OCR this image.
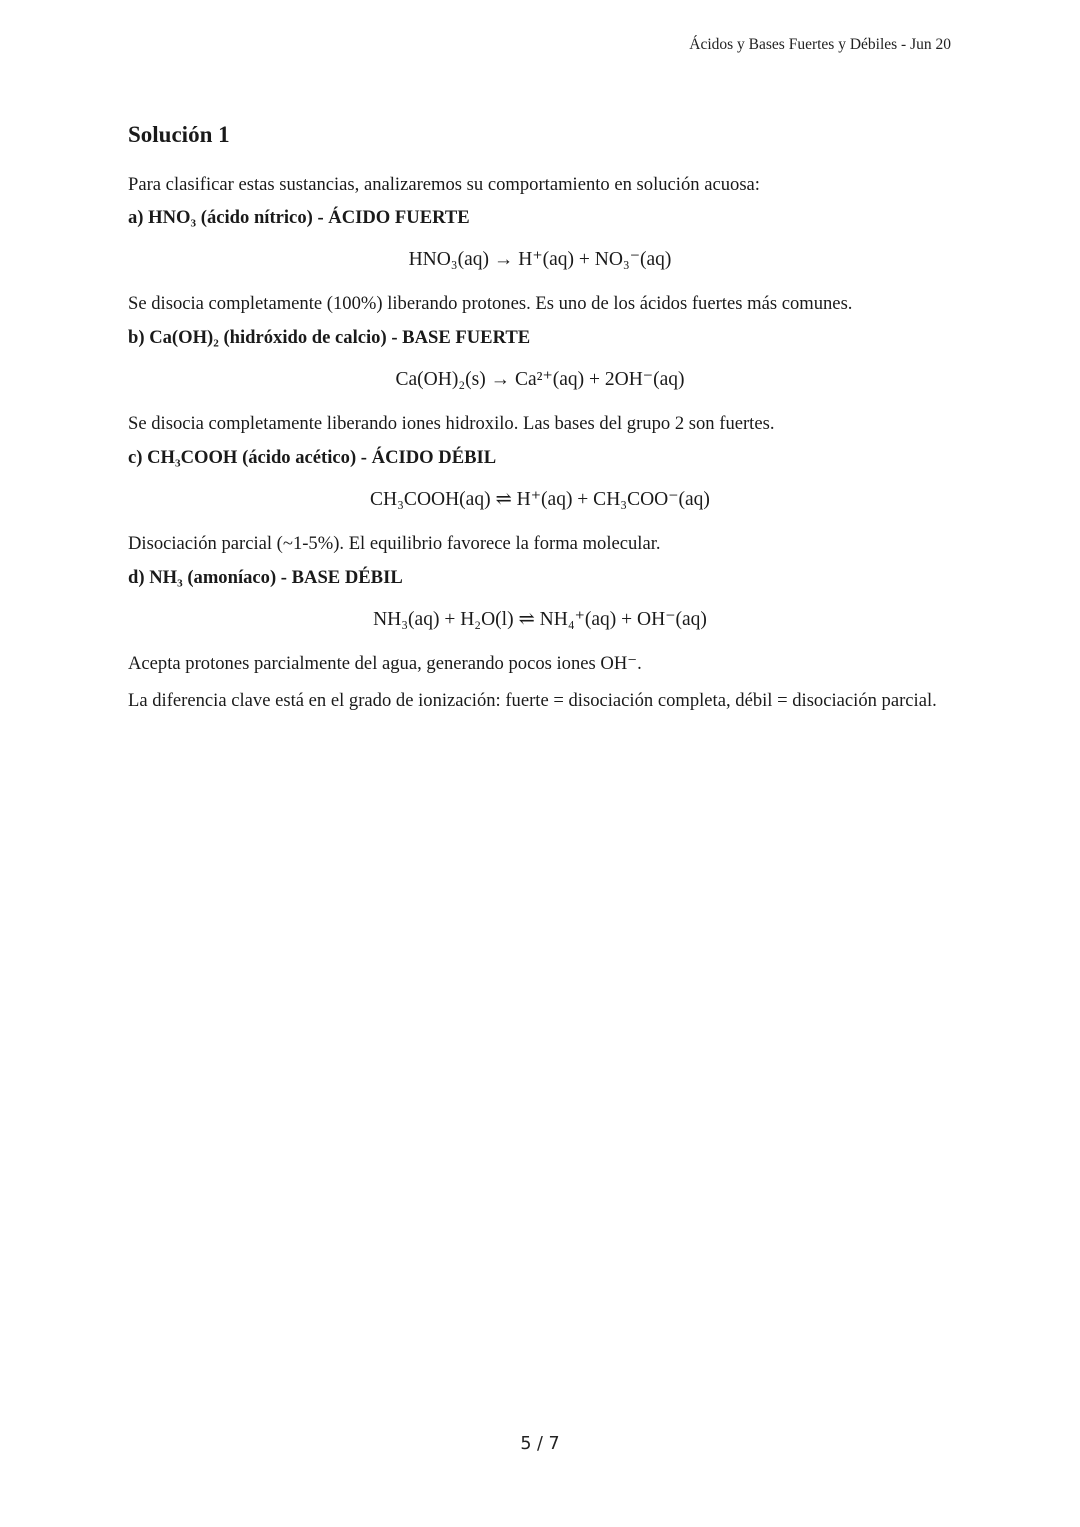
Ácidos y Bases Fuertes y Débiles - Jun 20
Solución 1

Para clasificar estas sustancias, analizaremos su comportamiento en solución acuosa:

a) HNO₃ (ácido nítrico) - ÁCIDO FUERTE
HNO₃(aq) → H⁺(aq) + NO₃⁻(aq)

Se disocia completamente (100%) liberando protones. Es uno de los ácidos fuertes más comunes.

b) Ca(OH)₂ (hidróxido de calcio) - BASE FUERTE
Ca(OH)₂(s) → Ca²⁺(aq) + 2OH⁻(aq)

Se disocia completamente liberando iones hidroxilo. Las bases del grupo 2 son fuertes.

c) CH₃COOH (ácido acético) - ÁCIDO DÉBIL
CH₃COOH(aq) ⇌ H⁺(aq) + CH₃COO⁻(aq)

Disociación parcial (~1-5%). El equilibrio favorece la forma molecular.

d) NH₃ (amoníaco) - BASE DÉBIL
NH₃(aq) + H₂O(l) ⇌ NH₄⁺(aq) + OH⁻(aq)

Acepta protones parcialmente del agua, generando pocos iones OH⁻.

La diferencia clave está en el grado de ionización: fuerte = disociación completa, débil = disociación parcial.

5 / 7
